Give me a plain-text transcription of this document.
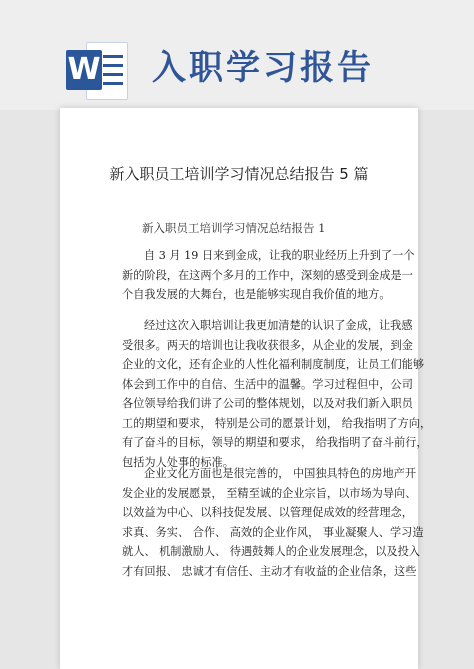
W 入职学习报告
新入职员工培训学习情况总结报告 5 篇
新入职员工培训学习情况总结报告 1

自 3 月 19 日来到金成，让我的职业经历上升到了一个
新的阶段，在这两个多月的工作中，深刻的感受到金成是一
个自我发展的大舞台，也是能够实现自我价值的地方。

经过这次入职培训让我更加清楚的认识了金成，让我感
受很多。两天的培训也让我收获很多，从企业的发展，到金
企业的文化，还有企业的人性化福利制度制度，让员工们能够
体会到工作中的自信、生活中的温馨。学习过程但中，公司
各位领导给我们讲了公司的整体规划，以及对我们新入职员
工的期望和要求， 特别是公司的愿景计划， 给我指明了方向，
有了奋斗的目标，领导的期望和要求， 给我指明了奋斗前行，
包括为人处事的标准。

企业文化方面也是很完善的， 中国独具特色的房地产开
发企业的发展愿景， 至精至诚的企业宗旨，以市场为导向、
以效益为中心、以科技促发展、以管理促成效的经营理念，
求真、务实、 合作、 高效的企业作风， 事业凝聚人、学习造
就人、 机制激励人、 待遇鼓舞人的企业发展理念，以及投入
才有回报、 忠诚才有信任、主动才有收益的企业信条，这些
